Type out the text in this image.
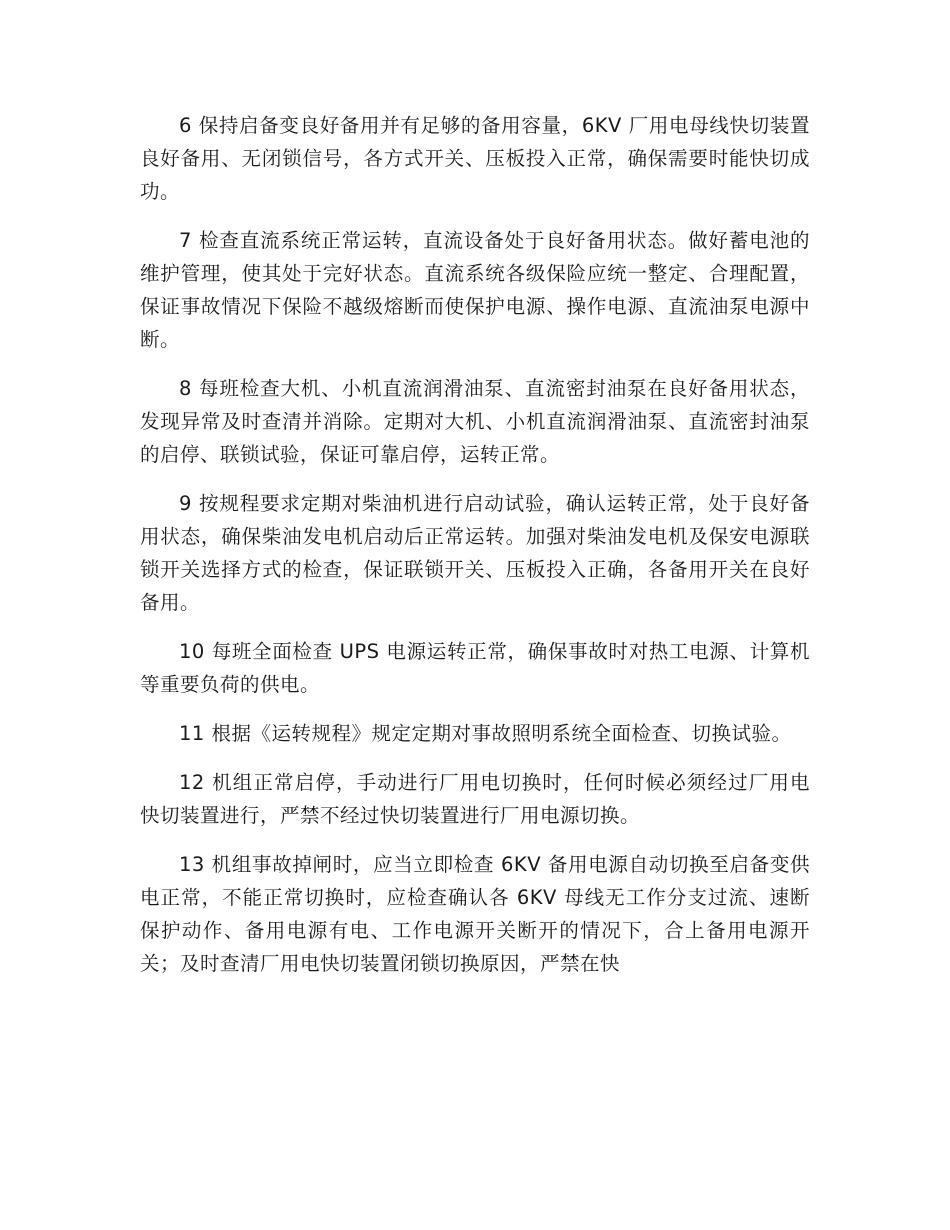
6 保持启备变良好备用并有足够的备用容量，6KV 厂用电母线快切装置良好备用、无闭锁信号，各方式开关、压板投入正常，确保需要时能快切成功。

7 检查直流系统正常运转，直流设备处于良好备用状态。做好蓄电池的维护管理，使其处于完好状态。直流系统各级保险应统一整定、合理配置，保证事故情况下保险不越级熔断而使保护电源、操作电源、直流油泵电源中断。

8 每班检查大机、小机直流润滑油泵、直流密封油泵在良好备用状态，发现异常及时查清并消除。定期对大机、小机直流润滑油泵、直流密封油泵的启停、联锁试验，保证可靠启停，运转正常。

9 按规程要求定期对柴油机进行启动试验，确认运转正常，处于良好备用状态，确保柴油发电机启动后正常运转。加强对柴油发电机及保安电源联锁开关选择方式的检查，保证联锁开关、压板投入正确，各备用开关在良好备用。

10 每班全面检查 UPS 电源运转正常，确保事故时对热工电源、计算机等重要负荷的供电。

11 根据《运转规程》规定定期对事故照明系统全面检查、切换试验。

12 机组正常启停，手动进行厂用电切换时，任何时候必须经过厂用电快切装置进行，严禁不经过快切装置进行厂用电源切换。

13 机组事故掉闸时，应当立即检查 6KV 备用电源自动切换至启备变供电正常，不能正常切换时，应检查确认各 6KV 母线无工作分支过流、速断保护动作、备用电源有电、工作电源开关断开的情况下，合上备用电源开关；及时查清厂用电快切装置闭锁切换原因，严禁在快
